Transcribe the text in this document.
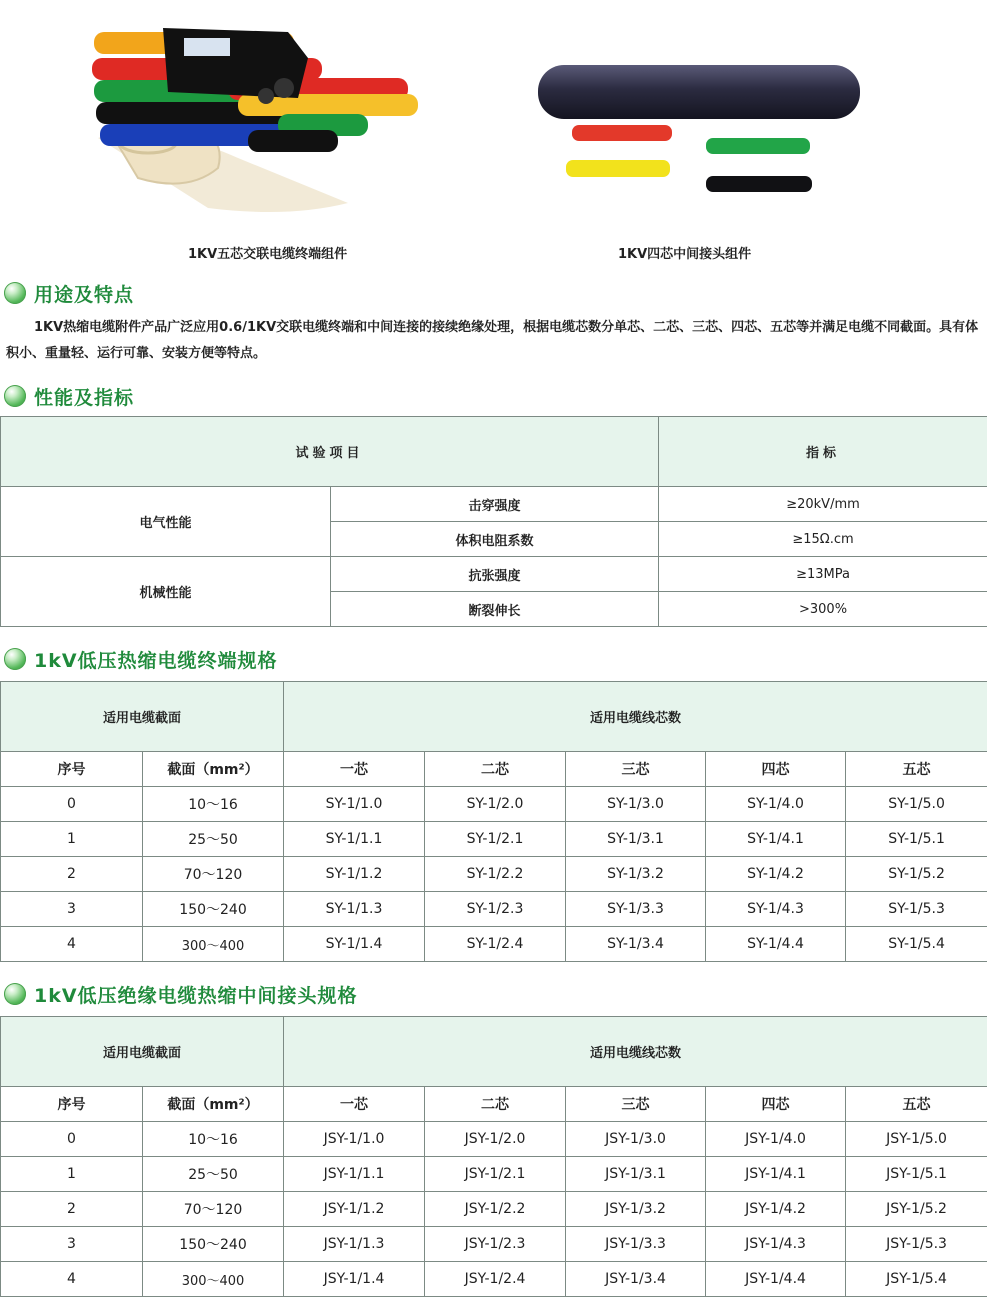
1KV五芯交联电缆终端组件	1KV四芯中间接头组件
用途及特点
1KV热缩电缆附件产品广泛应用0.6/1KV交联电缆终端和中间连接的接续绝缘处理，根据电缆芯数分单芯、二芯、三芯、四芯、五芯等并满足电缆不同截面。具有体积小、重量轻、运行可靠、安装方便等特点。
性能及指标
试验项目		指标
电气性能	击穿强度	≥20kV/mm
	体积电阻系数	≥15Ω.cm
机械性能	抗张强度	≥13MPa
	断裂伸长	>300%
1kV低压热缩电缆终端规格
适用电缆截面		适用电缆线芯数				
序号	截面（mm²）	一芯	二芯	三芯	四芯	五芯
0	10～16	SY-1/1.0	SY-1/2.0	SY-1/3.0	SY-1/4.0	SY-1/5.0
1	25～50	SY-1/1.1	SY-1/2.1	SY-1/3.1	SY-1/4.1	SY-1/5.1
2	70～120	SY-1/1.2	SY-1/2.2	SY-1/3.2	SY-1/4.2	SY-1/5.2
3	150～240	SY-1/1.3	SY-1/2.3	SY-1/3.3	SY-1/4.3	SY-1/5.3
4	300～400	SY-1/1.4	SY-1/2.4	SY-1/3.4	SY-1/4.4	SY-1/5.4
1kV低压绝缘电缆热缩中间接头规格
适用电缆截面		适用电缆线芯数				
序号	截面（mm²）	一芯	二芯	三芯	四芯	五芯
0	10～16	JSY-1/1.0	JSY-1/2.0	JSY-1/3.0	JSY-1/4.0	JSY-1/5.0
1	25～50	JSY-1/1.1	JSY-1/2.1	JSY-1/3.1	JSY-1/4.1	JSY-1/5.1
2	70～120	JSY-1/1.2	JSY-1/2.2	JSY-1/3.2	JSY-1/4.2	JSY-1/5.2
3	150～240	JSY-1/1.3	JSY-1/2.3	JSY-1/3.3	JSY-1/4.3	JSY-1/5.3
4	300～400	JSY-1/1.4	JSY-1/2.4	JSY-1/3.4	JSY-1/4.4	JSY-1/5.4
